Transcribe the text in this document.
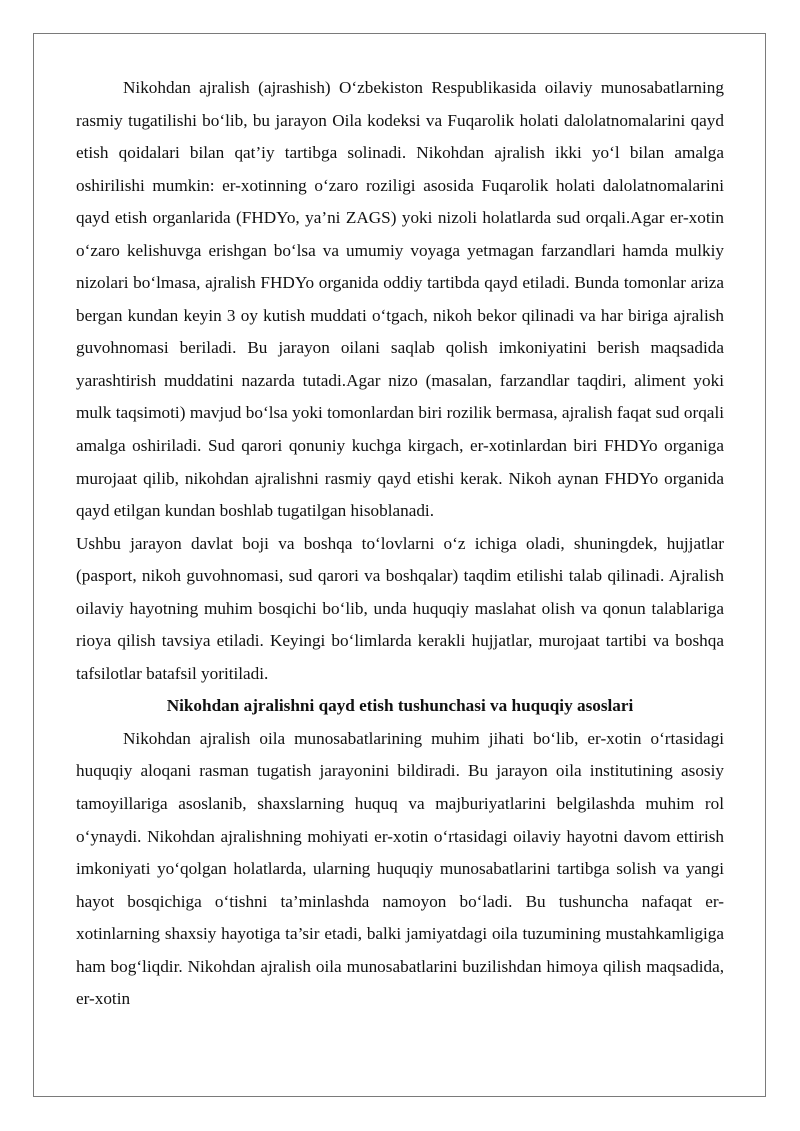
Nikohdan ajralish (ajrashish) O‘zbekiston Respublikasida oilaviy munosabatlarning rasmiy tugatilishi bo‘lib, bu jarayon Oila kodeksi va Fuqarolik holati dalolatnomalarini qayd etish qoidalari bilan qat’iy tartibga solinadi. Nikohdan ajralish ikki yo‘l bilan amalga oshirilishi mumkin: er-xotinning o‘zaro roziligi asosida Fuqarolik holati dalolatnomalarini qayd etish organlarida (FHDYo, ya’ni ZAGS) yoki nizoli holatlarda sud orqali.Agar er-xotin o‘zaro kelishuvga erishgan bo‘lsa va umumiy voyaga yetmagan farzandlari hamda mulkiy nizolari bo‘lmasa, ajralish FHDYo organida oddiy tartibda qayd etiladi. Bunda tomonlar ariza bergan kundan keyin 3 oy kutish muddati o‘tgach, nikoh bekor qilinadi va har biriga ajralish guvohnomasi beriladi. Bu jarayon oilani saqlab qolish imkoniyatini berish maqsadida yarashtirish muddatini nazarda tutadi.Agar nizo (masalan, farzandlar taqdiri, aliment yoki mulk taqsimoti) mavjud bo‘lsa yoki tomonlardan biri rozilik bermasa, ajralish faqat sud orqali amalga oshiriladi. Sud qarori qonuniy kuchga kirgach, er-xotinlardan biri FHDYo organiga murojaat qilib, nikohdan ajralishni rasmiy qayd etishi kerak. Nikoh aynan FHDYo organida qayd etilgan kundan boshlab tugatilgan hisoblanadi.

Ushbu jarayon davlat boji va boshqa to‘lovlarni o‘z ichiga oladi, shuningdek, hujjatlar (pasport, nikoh guvohnomasi, sud qarori va boshqalar) taqdim etilishi talab qilinadi. Ajralish oilaviy hayotning muhim bosqichi bo‘lib, unda huquqiy maslahat olish va qonun talablariga rioya qilish tavsiya etiladi. Keyingi bo‘limlarda kerakli hujjatlar, murojaat tartibi va boshqa tafsilotlar batafsil yoritiladi.

Nikohdan ajralishni qayd etish tushunchasi va huquqiy asoslari

Nikohdan ajralish oila munosabatlarining muhim jihati bo‘lib, er-xotin o‘rtasidagi huquqiy aloqani rasman tugatish jarayonini bildiradi. Bu jarayon oila institutining asosiy tamoyillariga asoslanib, shaxslarning huquq va majburiyatlarini belgilashda muhim rol o‘ynaydi. Nikohdan ajralishning mohiyati er-xotin o‘rtasidagi oilaviy hayotni davom ettirish imkoniyati yo‘qolgan holatlarda, ularning huquqiy munosabatlarini tartibga solish va yangi hayot bosqichiga o‘tishni ta’minlashda namoyon bo‘ladi. Bu tushuncha nafaqat er-xotinlarning shaxsiy hayotiga ta’sir etadi, balki jamiyatdagi oila tuzumining mustahkamligiga ham bog‘liqdir. Nikohdan ajralish oila munosabatlarini buzilishdan himoya qilish maqsadida, er-xotin
